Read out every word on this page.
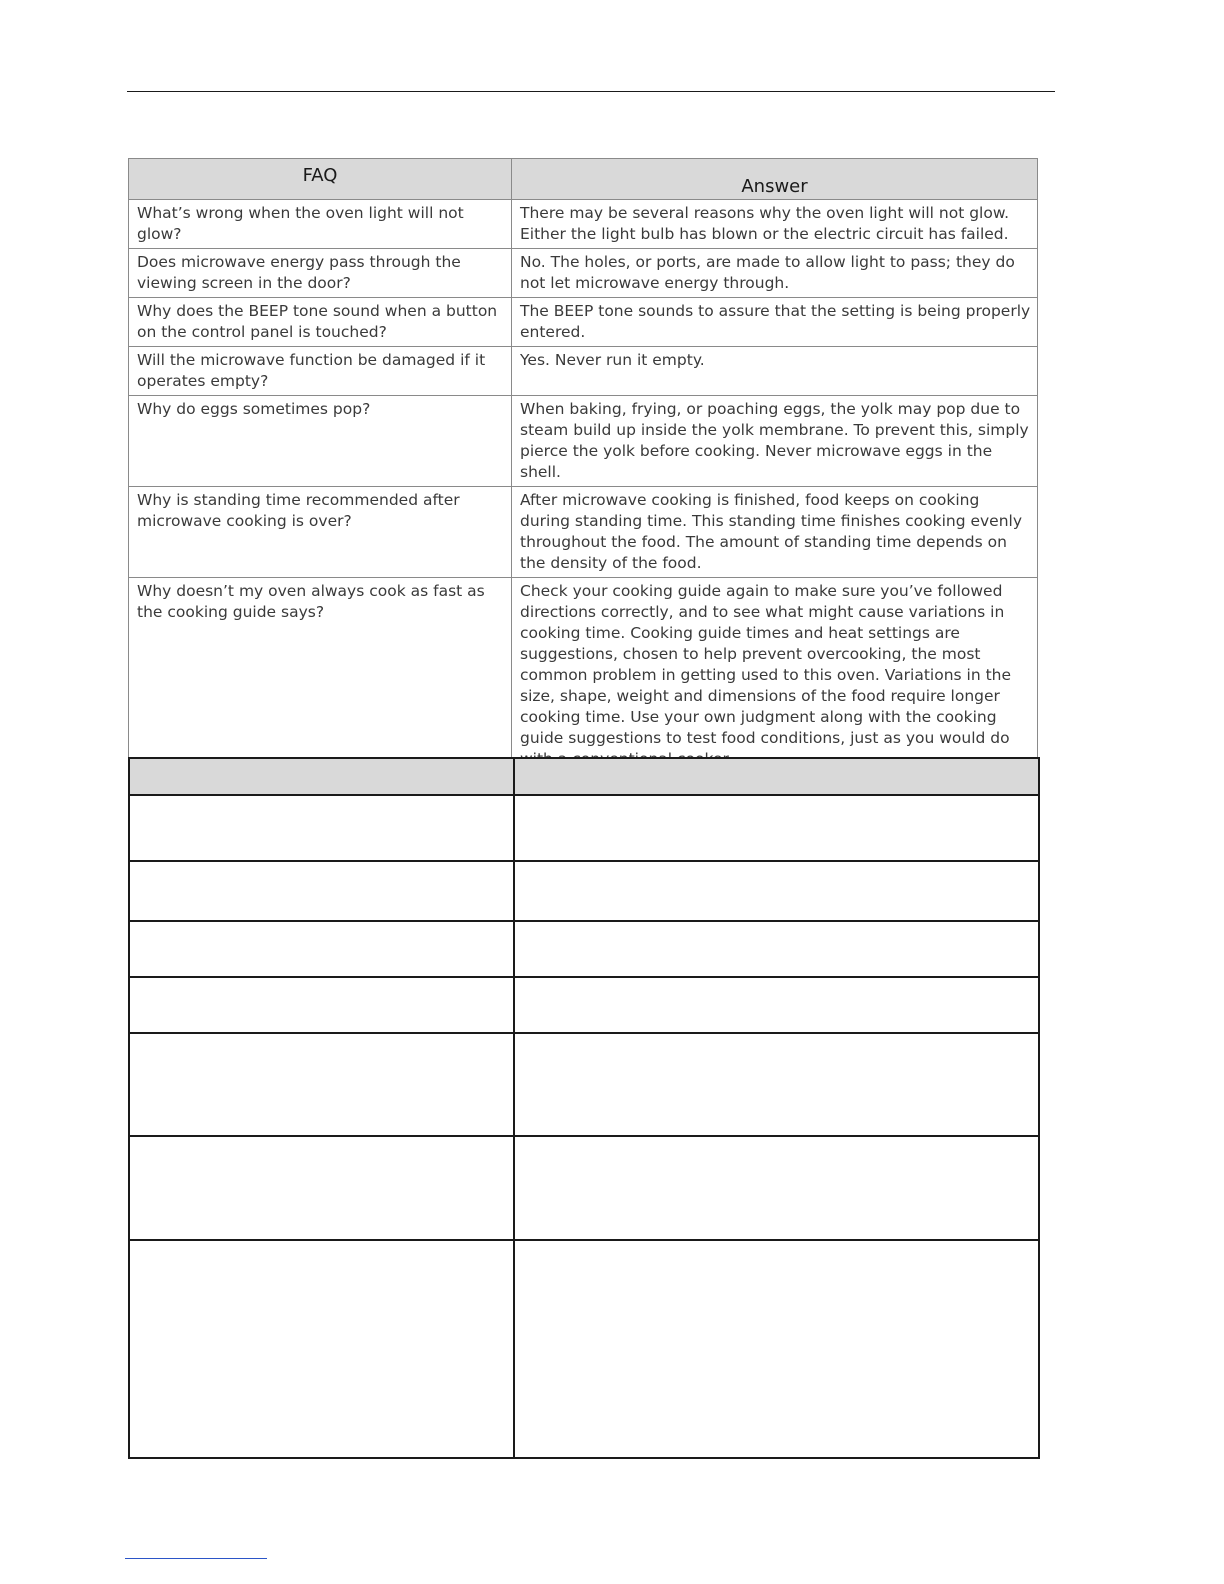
FAQ	Answer
What’s wrong when the oven light will not glow?	There may be several reasons why the oven light will not glow. Either the light bulb has blown or the electric circuit has failed.
Does microwave energy pass through the viewing screen in the door?	No. The holes, or ports, are made to allow light to pass; they do not let microwave energy through.
Why does the BEEP tone sound when a button on the control panel is touched?	The BEEP tone sounds to assure that the setting is being properly entered.
Will the microwave function be damaged if it operates empty?	Yes. Never run it empty.
Why do eggs sometimes pop?	When baking, frying, or poaching eggs, the yolk may pop due to steam build up inside the yolk membrane. To prevent this, simply pierce the yolk before cooking. Never microwave eggs in the shell.
Why is standing time recommended after microwave cooking is over?	After microwave cooking is finished, food keeps on cooking during standing time. This standing time finishes cooking evenly throughout the food. The amount of standing time depends on the density of the food.
Why doesn’t my oven always cook as fast as the cooking guide says?	Check your cooking guide again to make sure you’ve followed directions correctly, and to see what might cause variations in cooking time. Cooking guide times and heat settings are suggestions, chosen to help prevent overcooking, the most common problem in getting used to this oven. Variations in the size, shape, weight and dimensions of the food require longer cooking time. Use your own judgment along with the cooking guide suggestions to test food conditions, just as you would do
